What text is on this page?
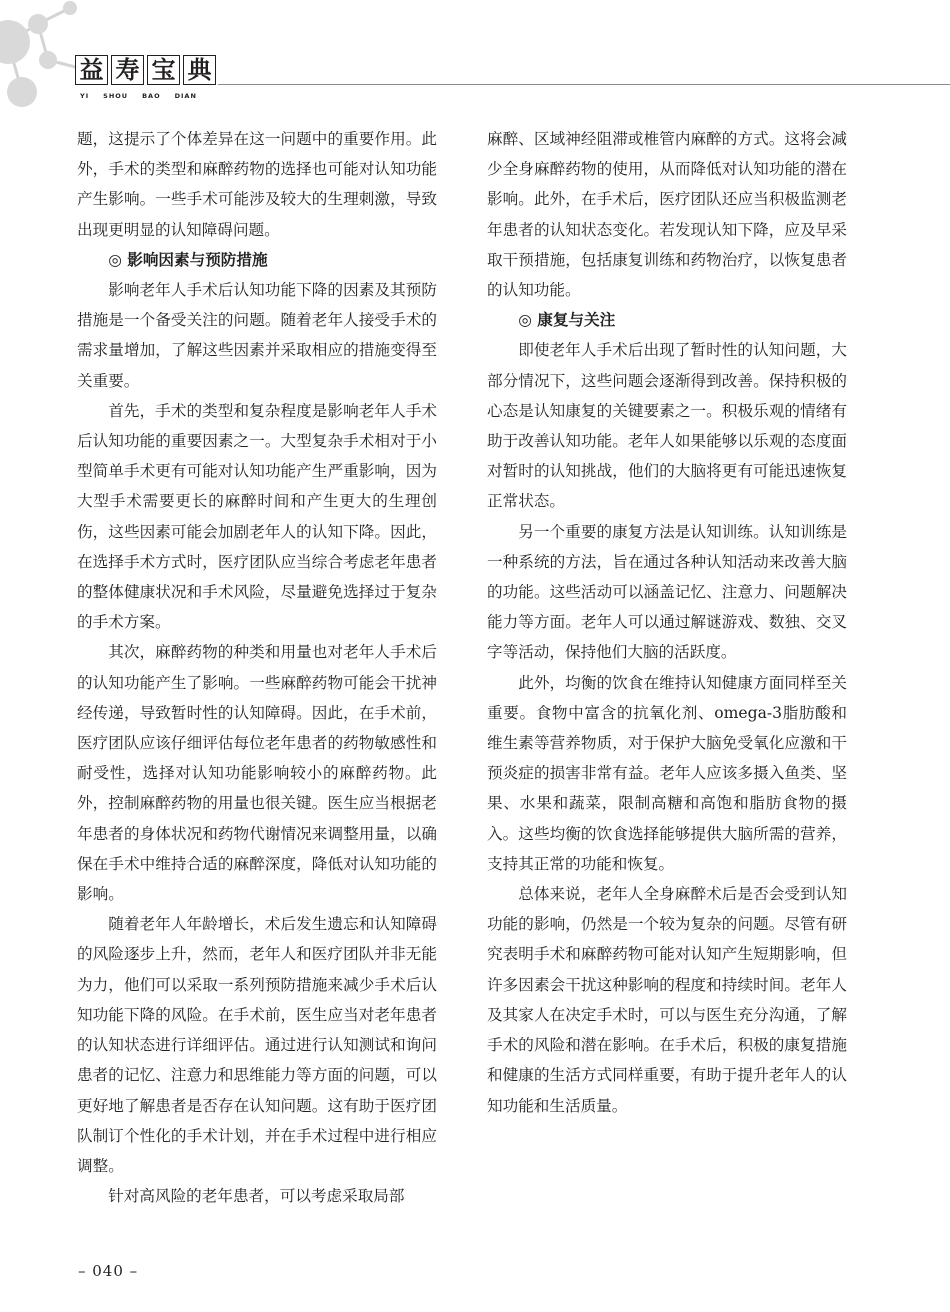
益 寿 宝 典
YI SHOU BAO DIAN

题，这提示了个体差异在这一问题中的重要作用。此外，手术的类型和麻醉药物的选择也可能对认知功能产生影响。一些手术可能涉及较大的生理刺激，导致出现更明显的认知障碍问题。

◎ 影响因素与预防措施

影响老年人手术后认知功能下降的因素及其预防措施是一个备受关注的问题。随着老年人接受手术的需求量增加，了解这些因素并采取相应的措施变得至关重要。

首先，手术的类型和复杂程度是影响老年人手术后认知功能的重要因素之一。大型复杂手术相对于小型简单手术更有可能对认知功能产生严重影响，因为大型手术需要更长的麻醉时间和产生更大的生理创伤，这些因素可能会加剧老年人的认知下降。因此，在选择手术方式时，医疗团队应当综合考虑老年患者的整体健康状况和手术风险，尽量避免选择过于复杂的手术方案。

其次，麻醉药物的种类和用量也对老年人手术后的认知功能产生了影响。一些麻醉药物可能会干扰神经传递，导致暂时性的认知障碍。因此，在手术前，医疗团队应该仔细评估每位老年患者的药物敏感性和耐受性，选择对认知功能影响较小的麻醉药物。此外，控制麻醉药物的用量也很关键。医生应当根据老年患者的身体状况和药物代谢情况来调整用量，以确保在手术中维持合适的麻醉深度，降低对认知功能的影响。

随着老年人年龄增长，术后发生遗忘和认知障碍的风险逐步上升，然而，老年人和医疗团队并非无能为力，他们可以采取一系列预防措施来减少手术后认知功能下降的风险。在手术前，医生应当对老年患者的认知状态进行详细评估。通过进行认知测试和询问患者的记忆、注意力和思维能力等方面的问题，可以更好地了解患者是否存在认知问题。这有助于医疗团队制订个性化的手术计划，并在手术过程中进行相应调整。

针对高风险的老年患者，可以考虑采取局部

麻醉、区域神经阻滞或椎管内麻醉的方式。这将会减少全身麻醉药物的使用，从而降低对认知功能的潜在影响。此外，在手术后，医疗团队还应当积极监测老年患者的认知状态变化。若发现认知下降，应及早采取干预措施，包括康复训练和药物治疗，以恢复患者的认知功能。

◎ 康复与关注

即使老年人手术后出现了暂时性的认知问题，大部分情况下，这些问题会逐渐得到改善。保持积极的心态是认知康复的关键要素之一。积极乐观的情绪有助于改善认知功能。老年人如果能够以乐观的态度面对暂时的认知挑战，他们的大脑将更有可能迅速恢复正常状态。

另一个重要的康复方法是认知训练。认知训练是一种系统的方法，旨在通过各种认知活动来改善大脑的功能。这些活动可以涵盖记忆、注意力、问题解决能力等方面。老年人可以通过解谜游戏、数独、交叉字等活动，保持他们大脑的活跃度。

此外，均衡的饮食在维持认知健康方面同样至关重要。食物中富含的抗氧化剂、omega-3脂肪酸和维生素等营养物质，对于保护大脑免受氧化应激和干预炎症的损害非常有益。老年人应该多摄入鱼类、坚果、水果和蔬菜，限制高糖和高饱和脂肪食物的摄入。这些均衡的饮食选择能够提供大脑所需的营养，支持其正常的功能和恢复。

总体来说，老年人全身麻醉术后是否会受到认知功能的影响，仍然是一个较为复杂的问题。尽管有研究表明手术和麻醉药物可能对认知产生短期影响，但许多因素会干扰这种影响的程度和持续时间。老年人及其家人在决定手术时，可以与医生充分沟通，了解手术的风险和潜在影响。在手术后，积极的康复措施和健康的生活方式同样重要，有助于提升老年人的认知功能和生活质量。

– 040 –
